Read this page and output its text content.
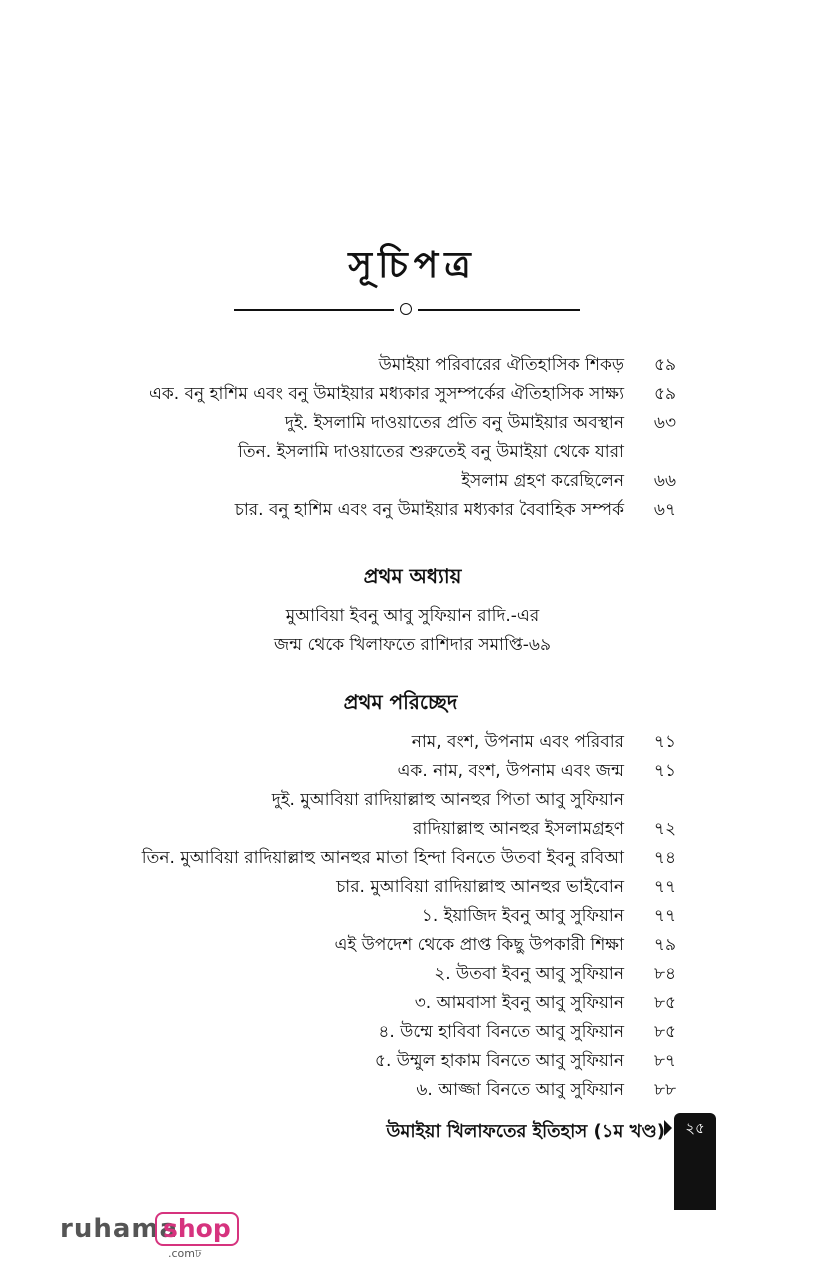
সূচিপত্র
উমাইয়া পরিবারের ঐতিহাসিক শিকড়	৫৯
এক. বনু হাশিম এবং বনু উমাইয়ার মধ্যকার সুসম্পর্কের ঐতিহাসিক সাক্ষ্য	৫৯
দুই. ইসলামি দাওয়াতের প্রতি বনু উমাইয়ার অবস্থান	৬৩
তিন. ইসলামি দাওয়াতের শুরুতেই বনু উমাইয়া থেকে যারা
ইসলাম গ্রহণ করেছিলেন	৬৬
চার. বনু হাশিম এবং বনু উমাইয়ার মধ্যকার বৈবাহিক সম্পর্ক	৬৭
প্রথম অধ্যায়
মুআবিয়া ইবনু আবু সুফিয়ান রাদি.-এর
জন্ম থেকে খিলাফতে রাশিদার সমাপ্তি-৬৯
প্রথম পরিচ্ছেদ
নাম, বংশ, উপনাম এবং পরিবার	৭১
এক. নাম, বংশ, উপনাম এবং জন্ম	৭১
দুই. মুআবিয়া রাদিয়াল্লাহু আনহুর পিতা আবু সুফিয়ান
রাদিয়াল্লাহু আনহুর ইসলামগ্রহণ	৭২
তিন. মুআবিয়া রাদিয়াল্লাহু আনহুর মাতা হিন্দা বিনতে উতবা ইবনু রবিআ	৭৪
চার. মুআবিয়া রাদিয়াল্লাহু আনহুর ভাইবোন	৭৭
১. ইয়াজিদ ইবনু আবু সুফিয়ান	৭৭
এই উপদেশ থেকে প্রাপ্ত কিছু উপকারী শিক্ষা	৭৯
২. উতবা ইবনু আবু সুফিয়ান	৮৪
৩. আমবাসা ইবনু আবু সুফিয়ান	৮৫
৪. উম্মে হাবিবা বিনতে আবু সুফিয়ান	৮৫
৫. উম্মুল হাকাম বিনতে আবু সুফিয়ান	৮৭
৬. আজ্জা বিনতে আবু সুফিয়ান	৮৮
উমাইয়া খিলাফতের ইতিহাস (১ম খণ্ড)	২৫
ruhama
shop
.comঢ
